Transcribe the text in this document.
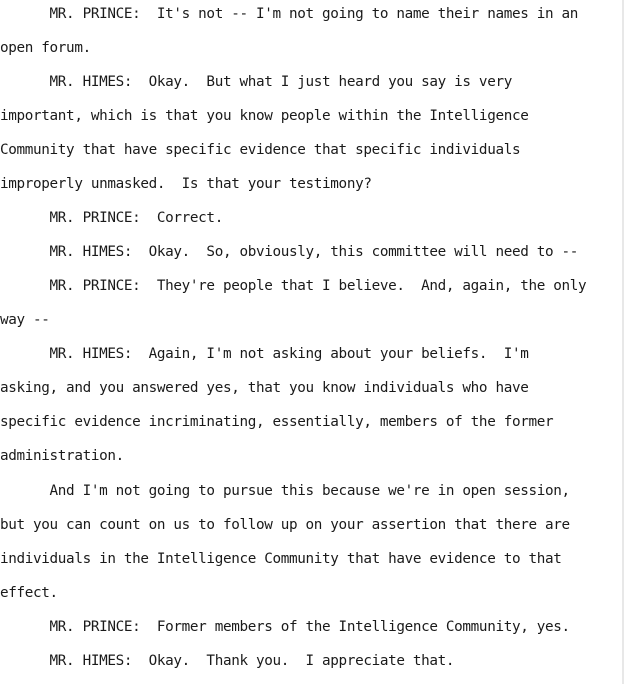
MR. PRINCE:  It's not -- I'm not going to name their names in an
open forum.
MR. HIMES:  Okay.  But what I just heard you say is very
important, which is that you know people within the Intelligence
Community that have specific evidence that specific individuals
improperly unmasked.  Is that your testimony?
MR. PRINCE:  Correct.
MR. HIMES:  Okay.  So, obviously, this committee will need to --
MR. PRINCE:  They're people that I believe.  And, again, the only
way --
MR. HIMES:  Again, I'm not asking about your beliefs.  I'm
asking, and you answered yes, that you know individuals who have
specific evidence incriminating, essentially, members of the former
administration.
And I'm not going to pursue this because we're in open session,
but you can count on us to follow up on your assertion that there are
individuals in the Intelligence Community that have evidence to that
effect.
MR. PRINCE:  Former members of the Intelligence Community, yes.
MR. HIMES:  Okay.  Thank you.  I appreciate that.
